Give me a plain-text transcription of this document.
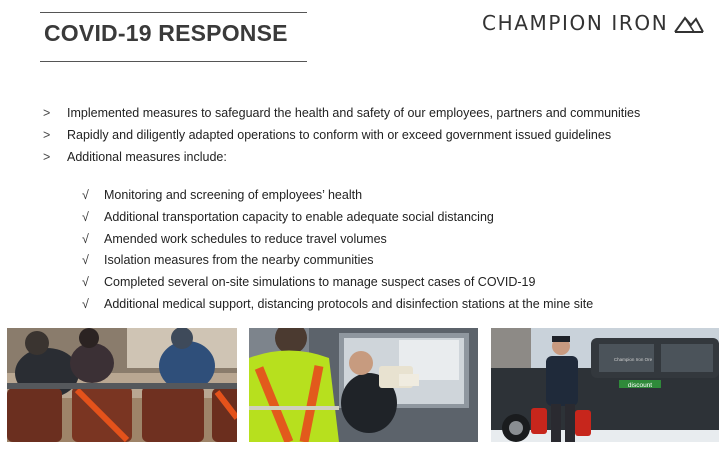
COVID-19 RESPONSE	CHAMPION IRON
> Implemented measures to safeguard the health and safety of our employees, partners and communities
> Rapidly and diligently adapted operations to conform with or exceed government issued guidelines
> Additional measures include:
√ Monitoring and screening of employees’ health
√ Additional transportation capacity to enable adequate social distancing
√ Amended work schedules to reduce travel volumes
√ Isolation measures from the nearby communities
√ Completed several on-site simulations to manage suspect cases of COVID-19
√ Additional medical support, distancing protocols and disinfection stations at the mine site
discount
Champion Iron Ore
